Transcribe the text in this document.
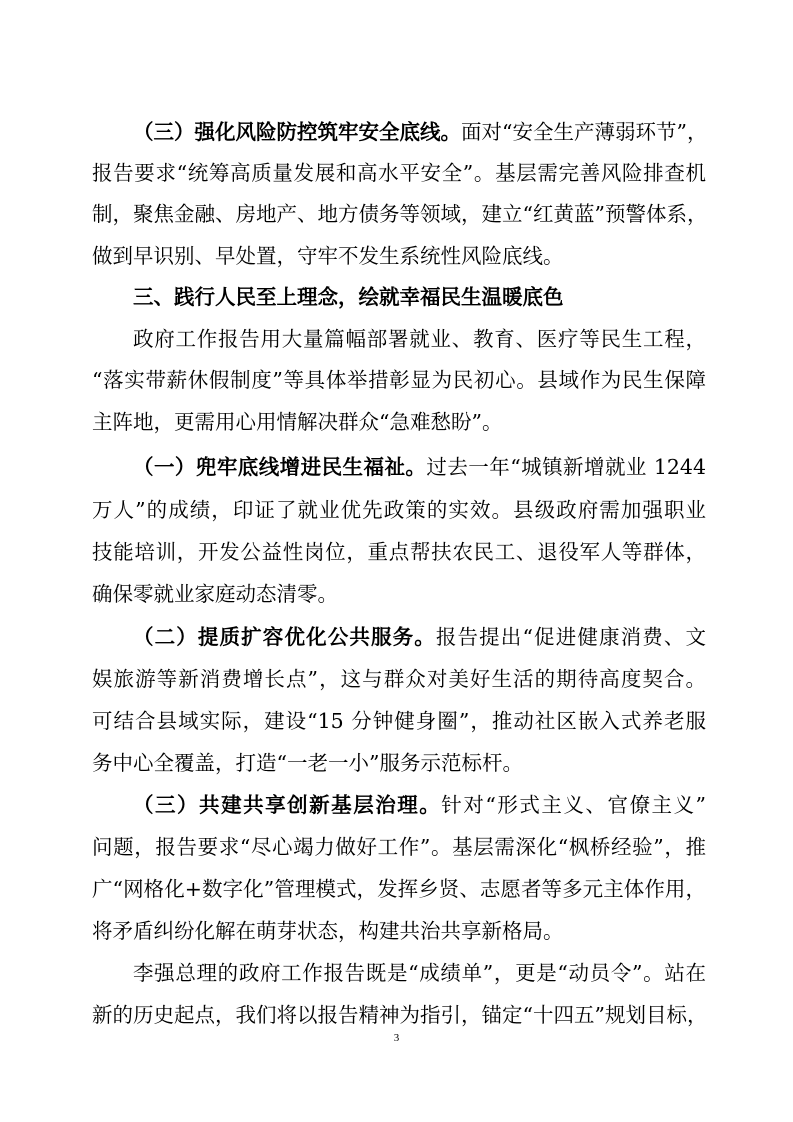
（三）强化风险防控筑牢安全底线。面对“安全生产薄弱环节”，
报告要求“统筹高质量发展和高水平安全”。基层需完善风险排查机
制，聚焦金融、房地产、地方债务等领域，建立“红黄蓝”预警体系，
做到早识别、早处置，守牢不发生系统性风险底线。
三、践行人民至上理念，绘就幸福民生温暖底色
政府工作报告用大量篇幅部署就业、教育、医疗等民生工程，
“落实带薪休假制度”等具体举措彰显为民初心。县域作为民生保障
主阵地，更需用心用情解决群众“急难愁盼”。
（一）兜牢底线增进民生福祉。过去一年“城镇新增就业 1244
万人”的成绩，印证了就业优先政策的实效。县级政府需加强职业
技能培训，开发公益性岗位，重点帮扶农民工、退役军人等群体，
确保零就业家庭动态清零。
（二）提质扩容优化公共服务。报告提出“促进健康消费、文
娱旅游等新消费增长点”，这与群众对美好生活的期待高度契合。
可结合县域实际，建设“15 分钟健身圈”，推动社区嵌入式养老服
务中心全覆盖，打造“一老一小”服务示范标杆。
（三）共建共享创新基层治理。针对“形式主义、官僚主义”
问题，报告要求“尽心竭力做好工作”。基层需深化“枫桥经验”，推
广“网格化+数字化”管理模式，发挥乡贤、志愿者等多元主体作用，
将矛盾纠纷化解在萌芽状态，构建共治共享新格局。
李强总理的政府工作报告既是“成绩单”，更是“动员令”。站在
新的历史起点，我们将以报告精神为指引，锚定“十四五”规划目标，
3
